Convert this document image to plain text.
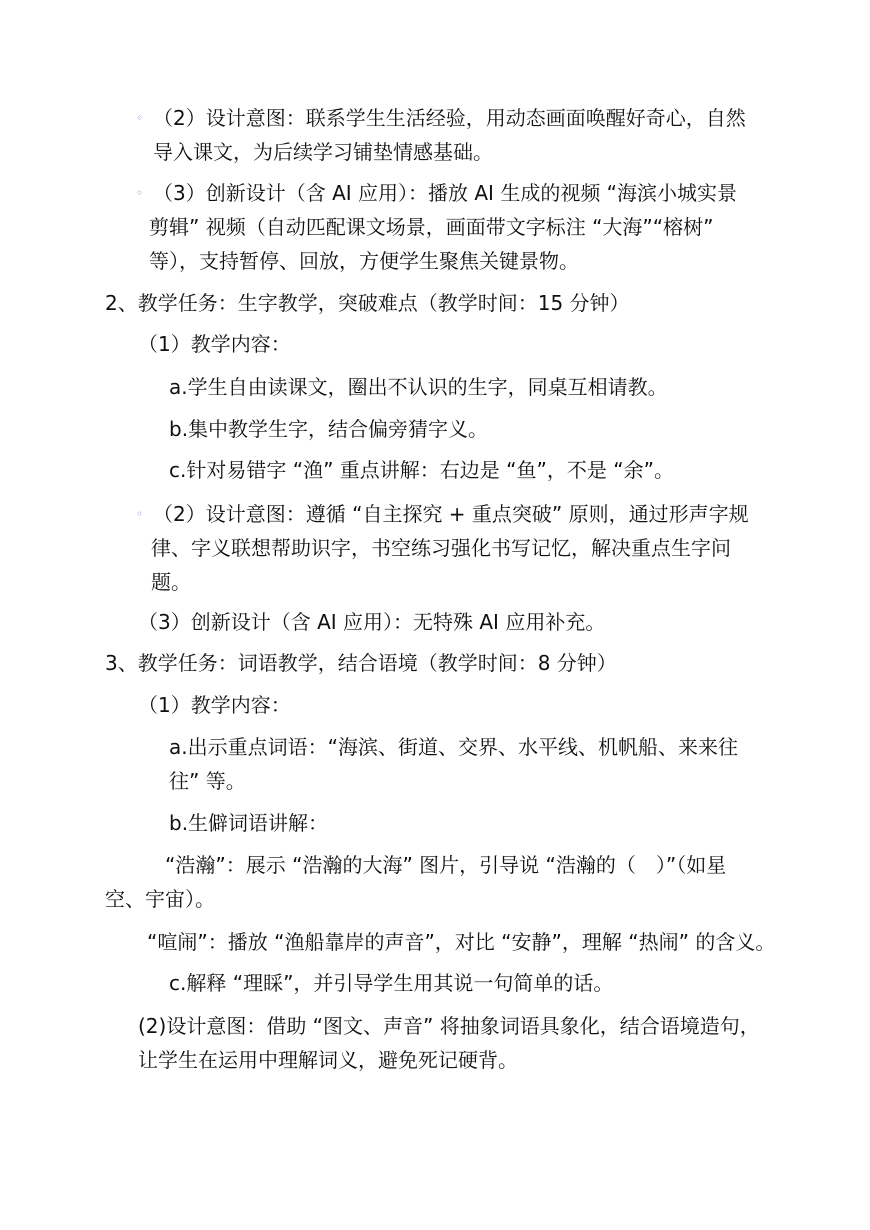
◦ （2）设计意图：联系学生生活经验，用动态画面唤醒好奇心，自然
导入课文，为后续学习铺垫情感基础。
◦ （3）创新设计（含 AI 应用）：播放 AI 生成的视频 “海滨小城实景
剪辑” 视频（自动匹配课文场景，画面带文字标注 “大海”“榕树”
等），支持暂停、回放，方便学生聚焦关键景物。
2、教学任务：生字教学，突破难点（教学时间：15 分钟）
（1）教学内容：
a.学生自由读课文，圈出不认识的生字，同桌互相请教。
b.集中教学生字，结合偏旁猜字义。
c.针对易错字 “渔” 重点讲解：右边是 “鱼”，不是 “余”。
◦ （2）设计意图：遵循 “自主探究 + 重点突破” 原则，通过形声字规
律、字义联想帮助识字，书空练习强化书写记忆，解决重点生字问
题。
（3）创新设计（含 AI 应用）：无特殊 AI 应用补充。
3、教学任务：词语教学，结合语境（教学时间：8 分钟）
（1）教学内容：
a.出示重点词语：“海滨、街道、交界、水平线、机帆船、来来往
往” 等。
b.生僻词语讲解：
“浩瀚”：展示 “浩瀚的大海” 图片，引导说 “浩瀚的（　）”（如星
空、宇宙）。
“喧闹”：播放 “渔船靠岸的声音”，对比 “安静”，理解 “热闹” 的含义。
c.解释 “理睬”，并引导学生用其说一句简单的话。
(2)设计意图：借助 “图文、声音” 将抽象词语具象化，结合语境造句，
让学生在运用中理解词义，避免死记硬背。
